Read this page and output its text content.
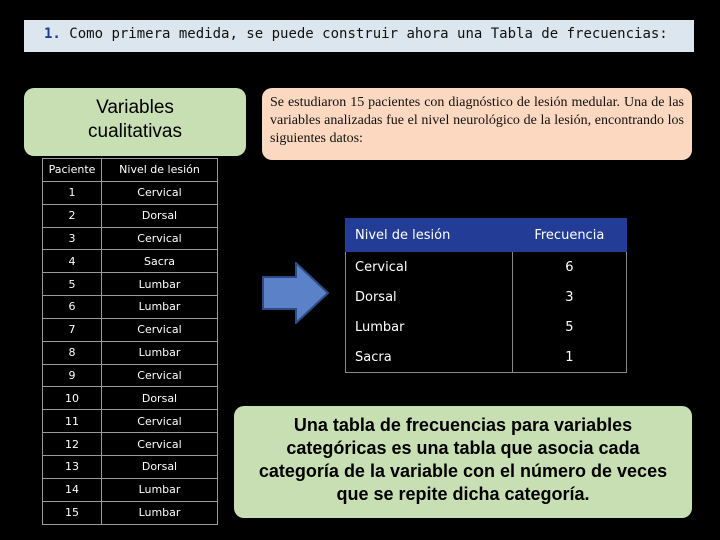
1. Como primera medida, se puede construir ahora una Tabla de frecuencias:
Variables
cualitativas
Se estudiaron 15 pacientes con diagnóstico de lesión medular. Una de las variables analizadas fue el nivel neurológico de la lesión, encontrando los siguientes datos:
Paciente	Nivel de lesión
1	Cervical
2	Dorsal
3	Cervical
4	Sacra
5	Lumbar
6	Lumbar
7	Cervical
8	Lumbar
9	Cervical
10	Dorsal
11	Cervical
12	Cervical
13	Dorsal
14	Lumbar
15	Lumbar
Nivel de lesión	Frecuencia
Cervical	6
Dorsal	3
Lumbar	5
Sacra	1
Una tabla de frecuencias para variables categóricas es una tabla que asocia cada categoría de la variable con el número de veces que se repite dicha categoría.
